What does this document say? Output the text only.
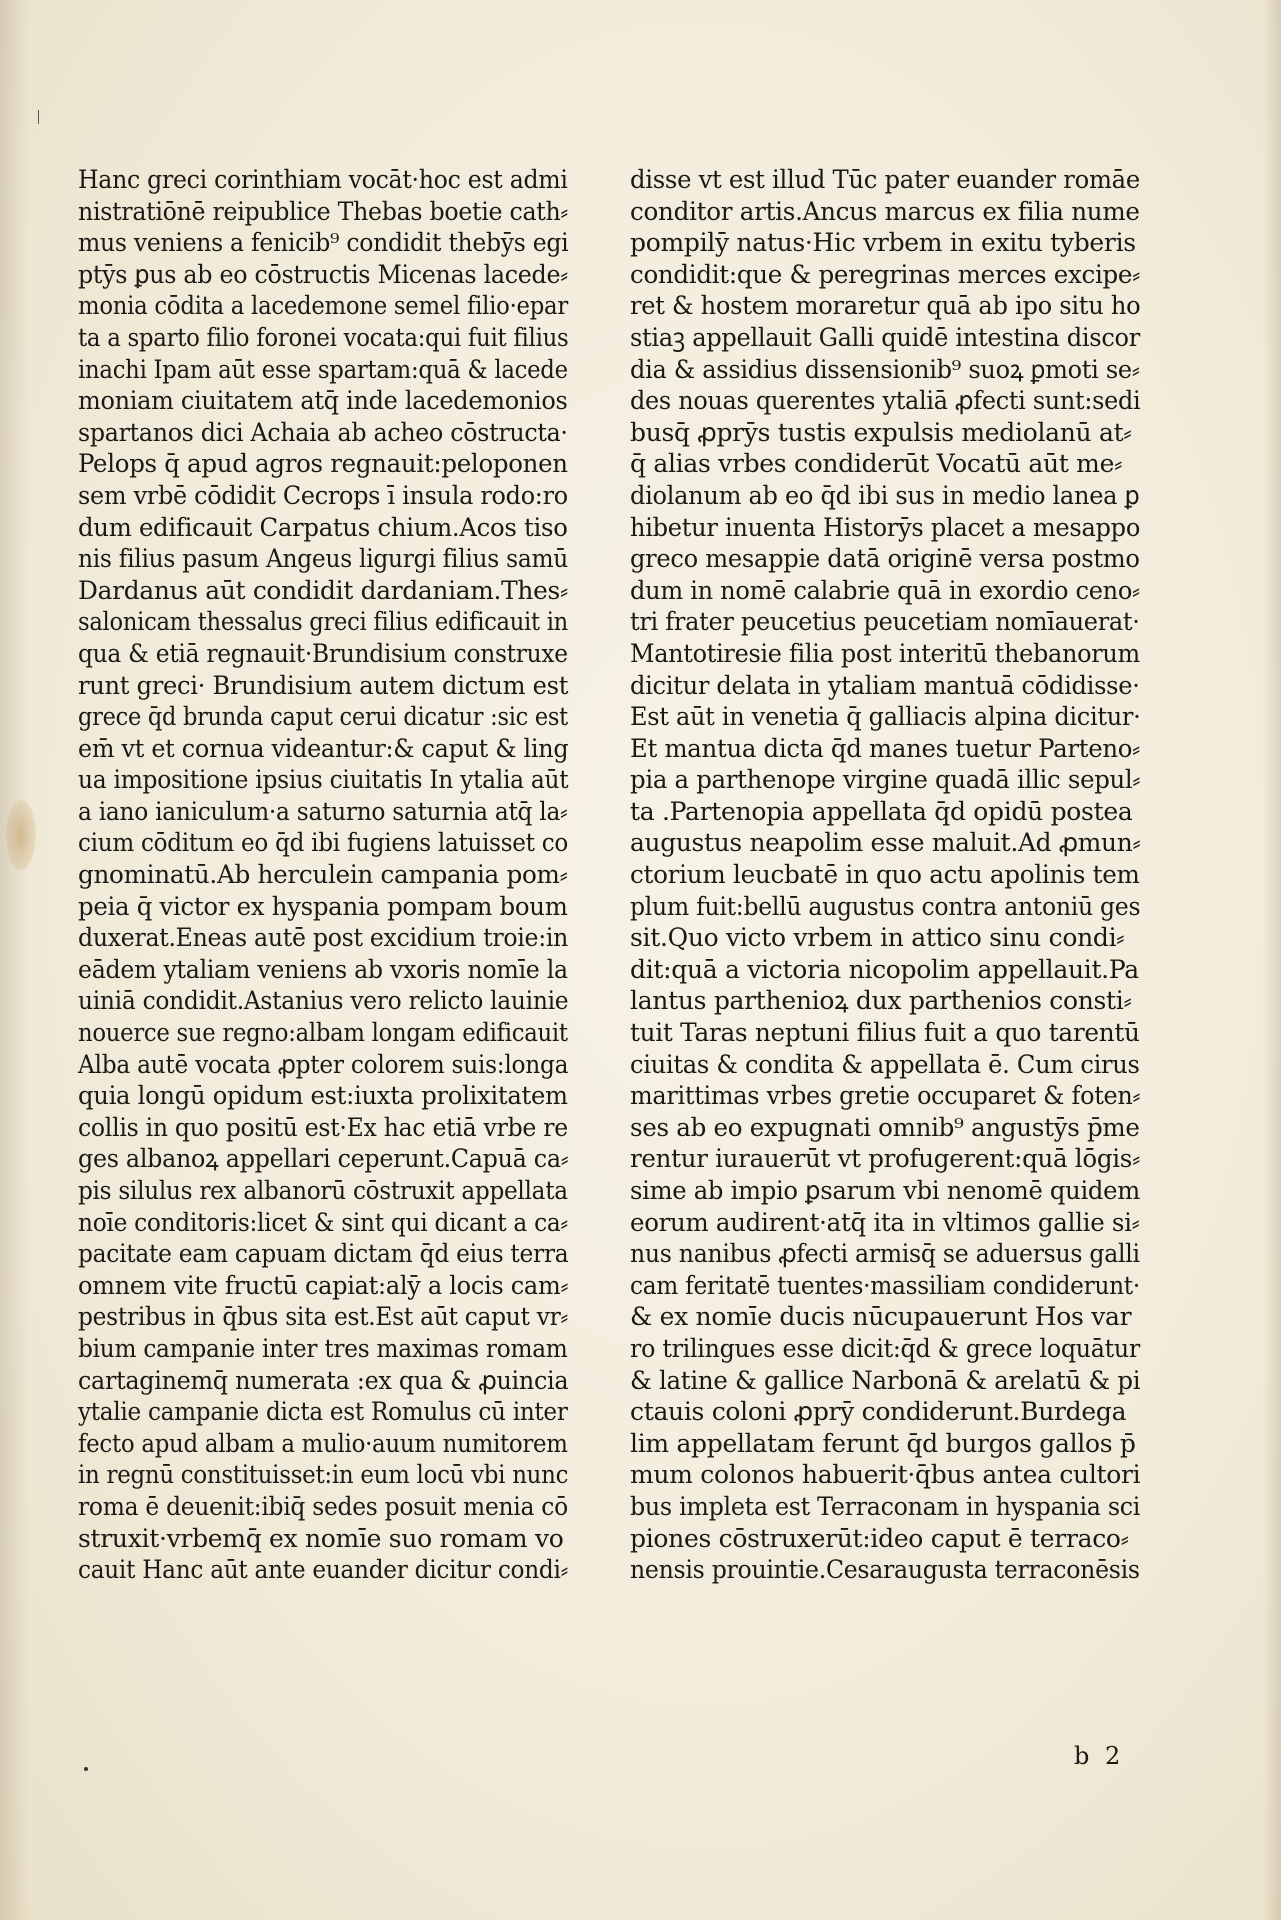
Hanc greci corinthiam vocāt·hoc est admi
nistratiōnē reipublice Thebas boetie cath⸗
mus veniens a fenicib⁹ condidit thebȳs egi
ptȳs ꝑus ab eo cōstructis Micenas lacede⸗
monia cōdita a lacedemone semel filio·epar
ta a sparto filio foronei vocata:qui fuit filius
inachi Ipam aūt esse spartam:quā & lacede
moniam ciuitatem atq̄ inde lacedemonios
spartanos dici Achaia ab acheo cōstructa·
Pelops q̄ apud agros regnauit:peloponen
sem vrbē cōdidit Cecrops ī insula rodo:ro
dum edificauit Carpatus chium.Acos tiso
nis filius pasum Angeus ligurgi filius samū
Dardanus aūt condidit dardaniam.Thes⸗
salonicam thessalus greci filius edificauit in
qua & etiā regnauit·Brundisium construxe
runt greci· Brundisium autem dictum est
grece q̄d brunda caput cerui dicatur :sic est
em̄ vt et cornua videantur:& caput & ling
ua impositione ipsius ciuitatis In ytalia aūt
a iano ianiculum·a saturno saturnia atq̄ la⸗
cium cōditum eo q̄d ibi fugiens latuisset co
gnominatū.Ab herculein campania pom⸗
peia q̄ victor ex hyspania pompam boum
duxerat.Eneas autē post excidium troie:in
eādem ytaliam veniens ab vxoris nomīe la
uiniā condidit.Astanius vero relicto lauinie
nouerce sue regno:albam longam edificauit
Alba autē vocata ꝓpter colorem suis:longa
quia longū opidum est:iuxta prolixitatem
collis in quo positū est·Ex hac etiā vrbe re
ges albanoꝝ appellari ceperunt.Capuā ca⸗
pis silulus rex albanorū cōstruxit appellata
noīe conditoris:licet & sint qui dicant a ca⸗
pacitate eam capuam dictam q̄d eius terra
omnem vite fructū capiat:alȳ a locis cam⸗
pestribus in q̄bus sita est.Est aūt caput vr⸗
bium campanie inter tres maximas romam
cartaginemq̄ numerata :ex qua & ꝓuincia
ytalie campanie dicta est Romulus cū inter
fecto apud albam a mulio·auum numitorem
in regnū constituisset:in eum locū vbi nunc
roma ē deuenit:ibiq̄ sedes posuit menia cō
struxit·vrbemq̄ ex nomīe suo romam vo
cauit Hanc aūt ante euander dicitur condi⸗
disse vt est illud Tūc pater euander romāe
conditor artis.Ancus marcus ex filia nume
pompilȳ natus·Hic vrbem in exitu tyberis
condidit:que & peregrinas merces excipe⸗
ret & hostem moraretur quā ab ipo situ ho
stiaꝫ appellauit Galli quidē intestina discor
dia & assidius dissensionib⁹ suoꝝ ꝑmoti se⸗
des nouas querentes ytaliā ꝓfecti sunt:sedi
busq̄ ꝓprȳs tustis expulsis mediolanū at⸗
q̄ alias vrbes condiderūt Vocatū aūt me⸗
diolanum ab eo q̄d ibi sus in medio lanea ꝑ
hibetur inuenta Historȳs placet a mesappo
greco mesappie datā originē versa postmo
dum in nomē calabrie quā in exordio ceno⸗
tri frater peucetius peucetiam nomīauerat·
Mantotiresie filia post interitū thebanorum
dicitur delata in ytaliam mantuā cōdidisse·
Est aūt in venetia q̄ galliacis alpina dicitur·
Et mantua dicta q̄d manes tuetur Parteno⸗
pia a parthenope virgine quadā illic sepul⸗
ta .Partenopia appellata q̄d opidū postea
augustus neapolim esse maluit.Ad ꝓmun⸗
ctorium leucbatē in quo actu apolinis tem
plum fuit:bellū augustus contra antoniū ges
sit.Quo victo vrbem in attico sinu condi⸗
dit:quā a victoria nicopolim appellauit.Pa
lantus parthenioꝝ dux parthenios consti⸗
tuit Taras neptuni filius fuit a quo tarentū
ciuitas & condita & appellata ē. Cum cirus
marittimas vrbes gretie occuparet & foten⸗
ses ab eo expugnati omnib⁹ angustȳs p̄me
rentur iurauerūt vt profugerent:quā lōgis⸗
sime ab impio ꝑsarum vbi nenomē quidem
eorum audirent·atq̄ ita in vltimos gallie si⸗
nus nanibus ꝓfecti armisq̄ se aduersus galli
cam feritatē tuentes·massiliam condiderunt·
& ex nomīe ducis nūcupauerunt Hos var
ro trilingues esse dicit:q̄d & grece loquātur
& latine & gallice Narbonā & arelatū & pi
ctauis coloni ꝓprȳ condiderunt.Burdega
lim appellatam ferunt q̄d burgos gallos p̄
mum colonos habuerit·q̄bus antea cultori
bus impleta est Terraconam in hyspania sci
piones cōstruxerūt:ideo caput ē terraco⸗
nensis prouintie.Cesaraugusta terraconēsis
b 2
